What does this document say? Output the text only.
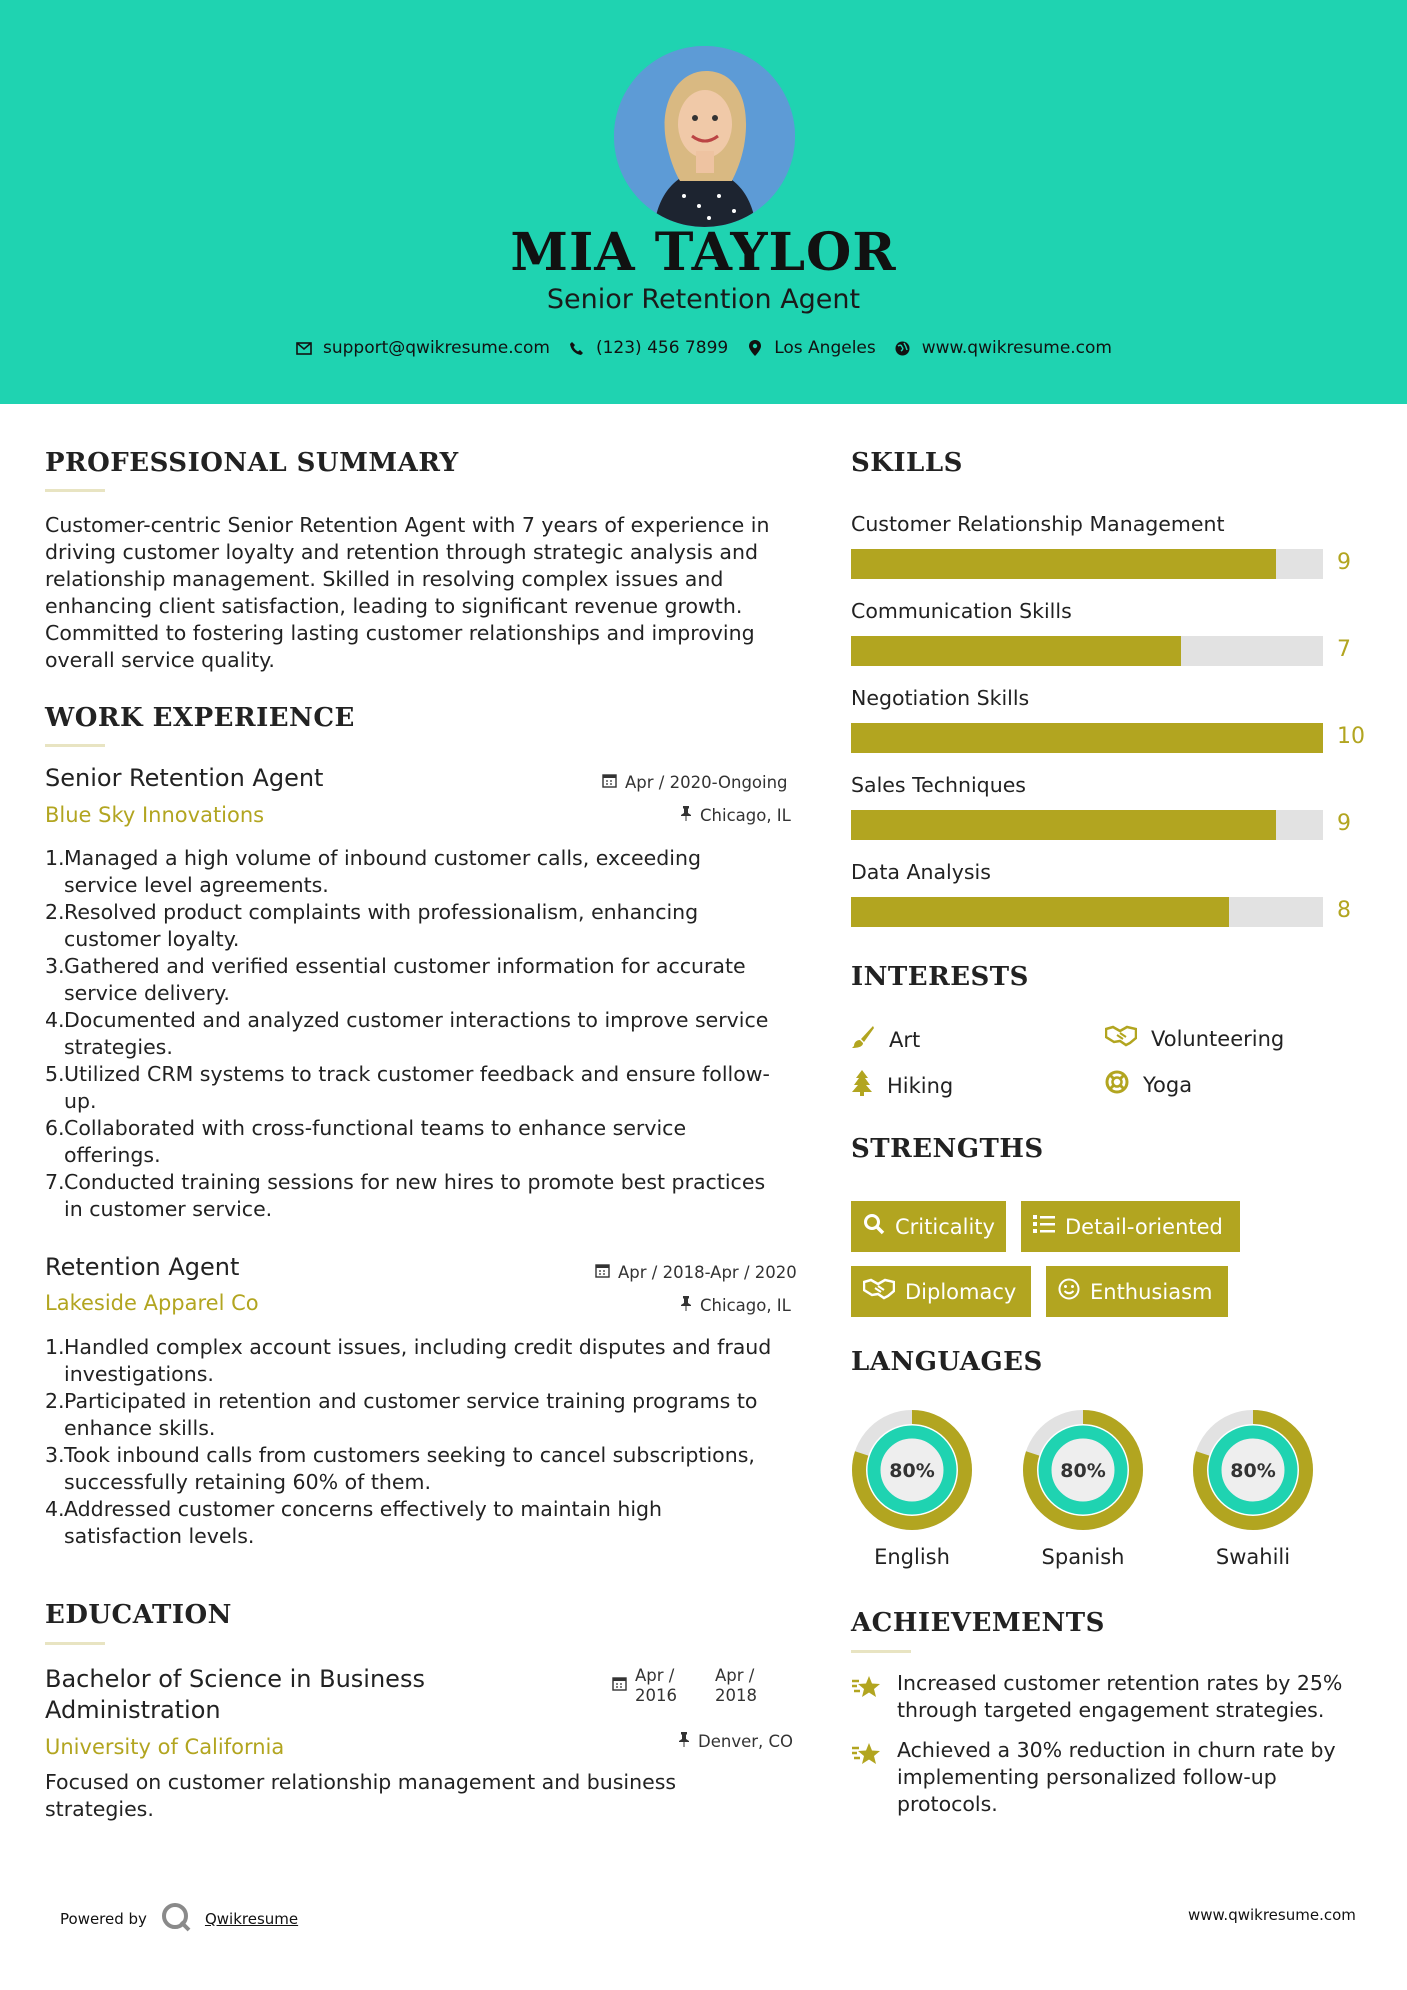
MIA TAYLOR
Senior Retention Agent
support@qwikresume.com	(123) 456 7899	Los Angeles	www.qwikresume.com
PROFESSIONAL SUMMARY
Customer-centric Senior Retention Agent with 7 years of experience in
driving customer loyalty and retention through strategic analysis and
relationship management. Skilled in resolving complex issues and
enhancing client satisfaction, leading to significant revenue growth.
Committed to fostering lasting customer relationships and improving
overall service quality.
WORK EXPERIENCE
Senior Retention Agent
Blue Sky Innovations
Apr / 2020-Ongoing
Chicago, IL
1. Managed a high volume of inbound customer calls, exceeding
service level agreements.
2. Resolved product complaints with professionalism, enhancing
customer loyalty.
3. Gathered and verified essential customer information for accurate
service delivery.
4. Documented and analyzed customer interactions to improve service
strategies.
5. Utilized CRM systems to track customer feedback and ensure follow-
up.
6. Collaborated with cross-functional teams to enhance service
offerings.
7. Conducted training sessions for new hires to promote best practices
in customer service.
Retention Agent
Lakeside Apparel Co
Apr / 2018-Apr / 2020
Chicago, IL
1. Handled complex account issues, including credit disputes and fraud
investigations.
2. Participated in retention and customer service training programs to
enhance skills.
3. Took inbound calls from customers seeking to cancel subscriptions,
successfully retaining 60% of them.
4. Addressed customer concerns effectively to maintain high
satisfaction levels.
EDUCATION
Bachelor of Science in Business
Administration
University of California
Apr /
2016
Apr /
2018
Denver, CO
Focused on customer relationship management and business
strategies.
SKILLS
Customer Relationship Management
9
Communication Skills
7
Negotiation Skills
10
Sales Techniques
9
Data Analysis
8
INTERESTS
Art	Volunteering
Hiking	Yoga
STRENGTHS
Criticality	Detail-oriented
Diplomacy	Enthusiasm
LANGUAGES
80%
English
80%
Spanish
80%
Swahili
ACHIEVEMENTS
Increased customer retention rates by 25%
through targeted engagement strategies.
Achieved a 30% reduction in churn rate by
implementing personalized follow-up
protocols.
Powered by	Qwikresume	www.qwikresume.com
